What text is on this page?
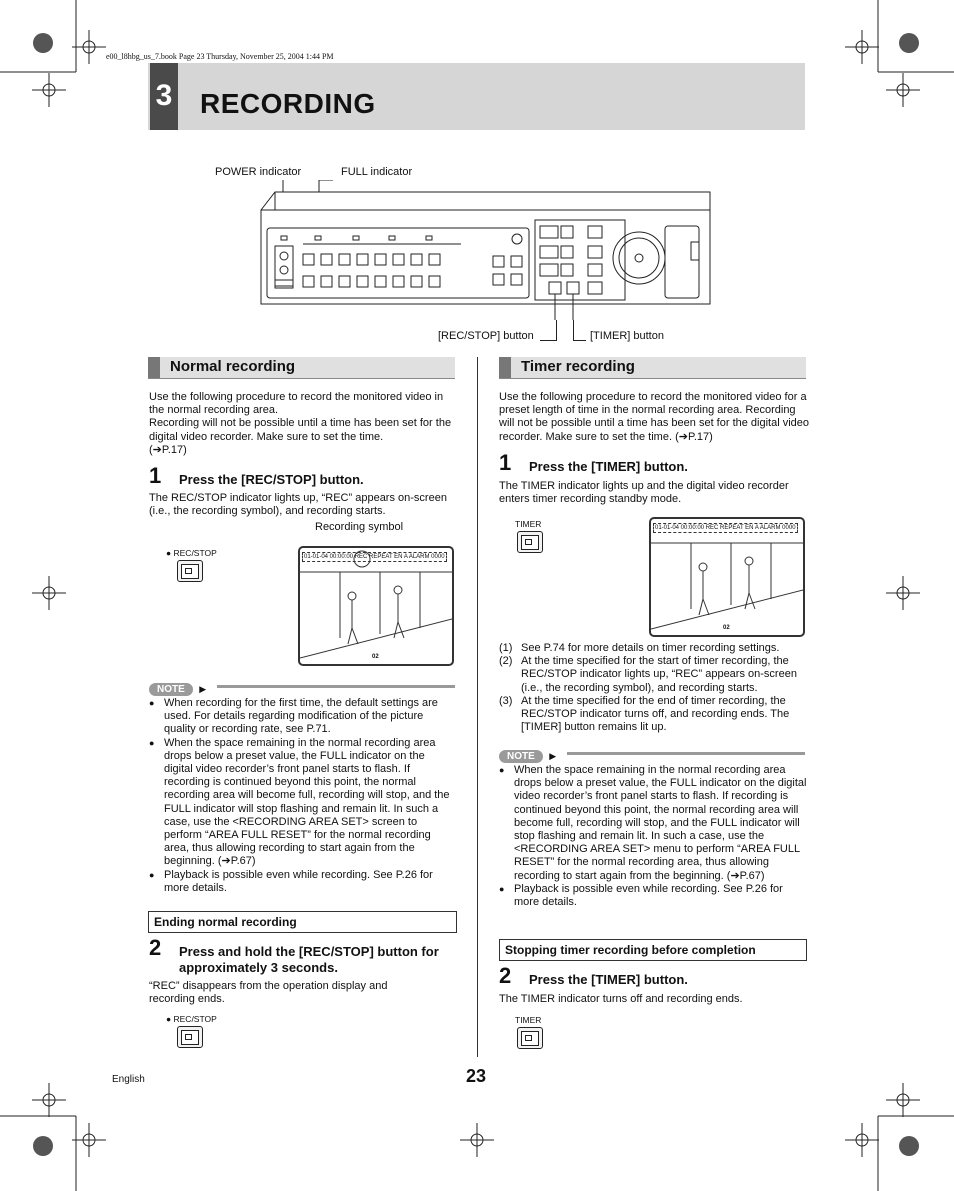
e00_l8hbg_us_7.book Page 23 Thursday, November 25, 2004 1:44 PM
3 RECORDING
POWER indicator	FULL indicator
[REC/STOP] button	[TIMER] button
Normal recording
Use the following procedure to record the monitored video in the normal recording area.
Recording will not be possible until a time has been set for the digital video recorder. Make sure to set the time.
(➔P.17)
1 Press the [REC/STOP] button.
The REC/STOP indicator lights up, “REC” appears on-screen (i.e., the recording symbol), and recording starts.
Recording symbol
● REC/STOP	01-01-04 00:00:00 REC REPEAT EN A ALARM 0000
02
NOTE ▶
● When recording for the first time, the default settings are used. For details regarding modification of the picture quality or recording rate, see P.71.
● When the space remaining in the normal recording area drops below a preset value, the FULL indicator on the digital video recorder’s front panel starts to flash. If recording is continued beyond this point, the normal recording area will become full, recording will stop, and the FULL indicator will stop flashing and remain lit. In such a case, use the <RECORDING AREA SET> screen to perform “AREA FULL RESET” for the normal recording area, thus allowing recording to start again from the beginning. (➔P.67)
● Playback is possible even while recording. See P.26 for more details.
Ending normal recording
2 Press and hold the [REC/STOP] button for approximately 3 seconds.
“REC” disappears from the operation display and recording ends.
● REC/STOP
Timer recording
Use the following procedure to record the monitored video for a preset length of time in the normal recording area. Recording will not be possible until a time has been set for the digital video recorder. Make sure to set the time. (➔P.17)
1 Press the [TIMER] button.
The TIMER indicator lights up and the digital video recorder enters timer recording standby mode.
TIMER	01-01-04 00:00:00 REC REPEAT EN A ALARM 0000
02
(1) See P.74 for more details on timer recording settings.
(2) At the time specified for the start of timer recording, the REC/STOP indicator lights up, “REC” appears on-screen (i.e., the recording symbol), and recording starts.
(3) At the time specified for the end of timer recording, the REC/STOP indicator turns off, and recording ends. The [TIMER] button remains lit up.
NOTE ▶
● When the space remaining in the normal recording area drops below a preset value, the FULL indicator on the digital video recorder’s front panel starts to flash. If recording is continued beyond this point, the normal recording area will become full, recording will stop, and the FULL indicator will stop flashing and remain lit. In such a case, use the <RECORDING AREA SET> menu to perform “AREA FULL RESET” for the normal recording area, thus allowing recording to start again from the beginning. (➔P.67)
● Playback is possible even while recording. See P.26 for more details.
Stopping timer recording before completion
2 Press the [TIMER] button.
The TIMER indicator turns off and recording ends.
TIMER
English	23
